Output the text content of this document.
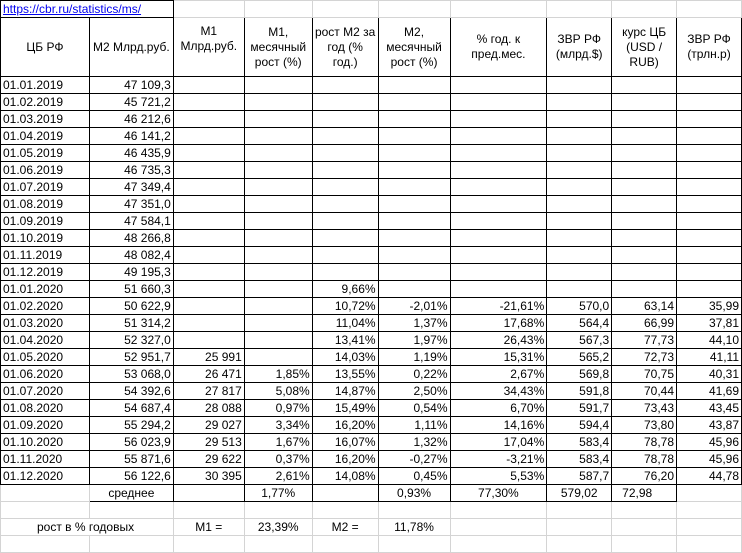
https://cbr.ru/statistics/ms/									
ЦБ РФ	M2 Млрд.руб.	M1 Млрд.руб.	M1, месячный рост (%)	рост M2 за год (% год.)	M2, месячный рост (%)	% год. к пред.мес.	ЗВР РФ (млрд.$)	курс ЦБ (USD / RUB)	ЗВР РФ (трлн.р)
01.01.2019	47 109,3								
01.02.2019	45 721,2								
01.03.2019	46 212,6								
01.04.2019	46 141,2								
01.05.2019	46 435,9								
01.06.2019	46 735,3								
01.07.2019	47 349,4								
01.08.2019	47 351,0								
01.09.2019	47 584,1								
01.10.2019	48 266,8								
01.11.2019	48 082,4								
01.12.2019	49 195,3								
01.01.2020	51 660,3			9,66%					
01.02.2020	50 622,9			10,72%	-2,01%	-21,61%	570,0	63,14	35,99
01.03.2020	51 314,2			11,04%	1,37%	17,68%	564,4	66,99	37,81
01.04.2020	52 327,0			13,41%	1,97%	26,43%	567,3	77,73	44,10
01.05.2020	52 951,7	25 991		14,03%	1,19%	15,31%	565,2	72,73	41,11
01.06.2020	53 068,0	26 471	1,85%	13,55%	0,22%	2,67%	569,8	70,75	40,31
01.07.2020	54 392,6	27 817	5,08%	14,87%	2,50%	34,43%	591,8	70,44	41,69
01.08.2020	54 687,4	28 088	0,97%	15,49%	0,54%	6,70%	591,7	73,43	43,45
01.09.2020	55 294,2	29 027	3,34%	16,20%	1,11%	14,16%	594,4	73,80	43,87
01.10.2020	56 023,9	29 513	1,67%	16,07%	1,32%	17,04%	583,4	78,78	45,96
01.11.2020	55 871,6	29 622	0,37%	16,20%	-0,27%	-3,21%	583,4	78,78	45,96
01.12.2020	56 122,6	30 395	2,61%	14,08%	0,45%	5,53%	587,7	76,20	44,78
	среднее		1,77%		0,93%	77,30%	579,02	72,98	

рост в % годовых		M1 =	23,39%	M2 =	11,78%				
